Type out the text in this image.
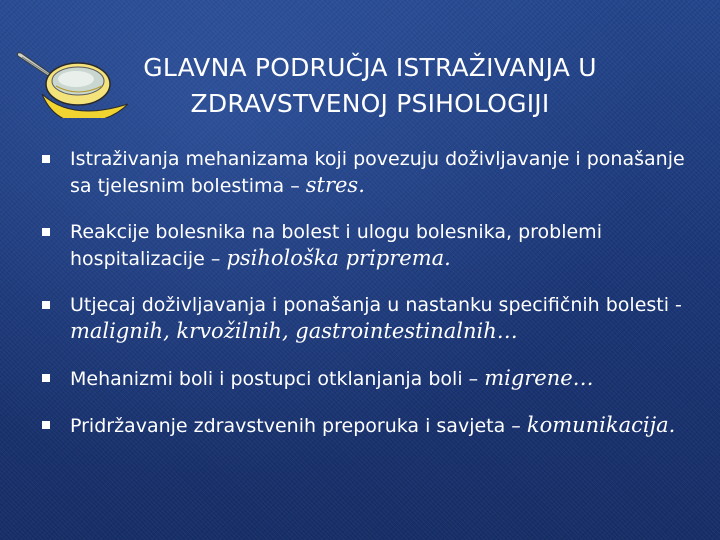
GLAVNA PODRUČJA ISTRAŽIVANJA U
ZDRAVSTVENOJ PSIHOLOGIJI
Istraživanja mehanizama koji povezuju doživljavanje i ponašanje sa tjelesnim bolestima – stres.
Reakcije bolesnika na bolest i ulogu bolesnika, problemi hospitalizacije – psihološka priprema.
Utjecaj doživljavanja i ponašanja u nastanku specifičnih bolesti - malignih, krvožilnih, gastrointestinalnih…
Mehanizmi boli i postupci otklanjanja boli – migrene…
Pridržavanje zdravstvenih preporuka i savjeta – komunikacija.
